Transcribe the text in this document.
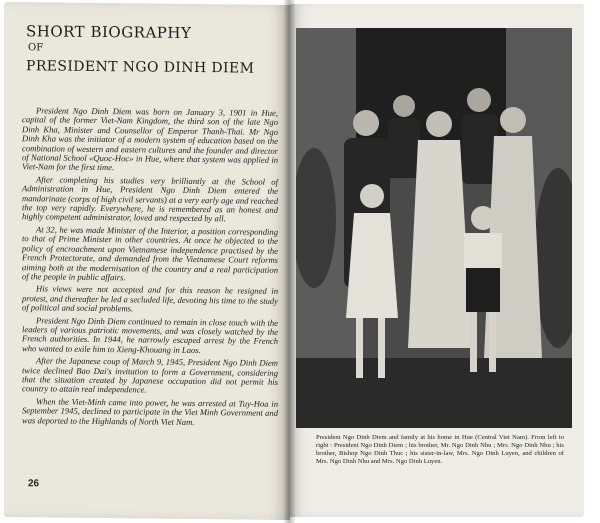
SHORT BIOGRAPHY
OF
PRESIDENT NGO DINH DIEM

President Ngo Dinh Diem was born on January 3, 1901 in Hue, capital of the former Viet-Nam Kingdom, the third son of the late Ngo Dinh Kha, Minister and Counsellor of Emperor Thanh-Thai. Mr Ngo Dinh Kha was the initiator of a modern system of education based on the combination of western and eastern cultures and the founder and director of National School «Quoc-Hoc» in Hue, where that system was applied in Viet-Nam for the first time.

After completing his studies very brilliantly at the School of Administration in Hue, President Ngo Dinh Diem entered the mandarinate (corps of high civil servants) at a very early age and reached the top very rapidly. Everywhere, he is remembered as an honest and highly competent administrator, loved and respected by all.

At 32, he was made Minister of the Interior, a position corresponding to that of Prime Minister in other countries. At once he objected to the policy of encroachment upon Vietnamese independence practised by the French Protectorate, and demanded from the Vietnamese Court reforms aiming both at the modernisation of the country and a real participation of the people in public affairs.

His views were not accepted and for this reason he resigned in protest, and thereafter he led a secluded life, devoting his time to the study of political and social problems.

President Ngo Dinh Diem continued to remain in close touch with the leaders of various patriotic movements, and was closely watched by the French authorities. In 1944, he narrowly escaped arrest by the French who wanted to exile him to Xieng-Khouang in Laos.

After the Japanese coup of March 9, 1945, President Ngo Dinh Diem twice declined Bao Dai's invitation to form a Government, considering that the situation created by Japanese occupation did not permit his country to attain real independence.

When the Viet-Minh came into power, he was arrested at Tuy-Hoa in September 1945, declined to participate in the Viet Minh Government and was deported to the Highlands of North Viet Nam.

26
President Ngo Dinh Diem and family at his home in Hue (Central Viet Nam). From left to right : President Ngo Dinh Diem ; his brother, Mr. Ngo Dinh Nhu ; Mrs. Ngo Dinh Nhu ; his brother, Bishop Ngo Dinh Thuc ; his sister-in-law, Mrs. Ngo Dinh Luyen, and children of Mrs. Ngo Dinh Nhu and Mrs. Ngo Dinh Luyen.
